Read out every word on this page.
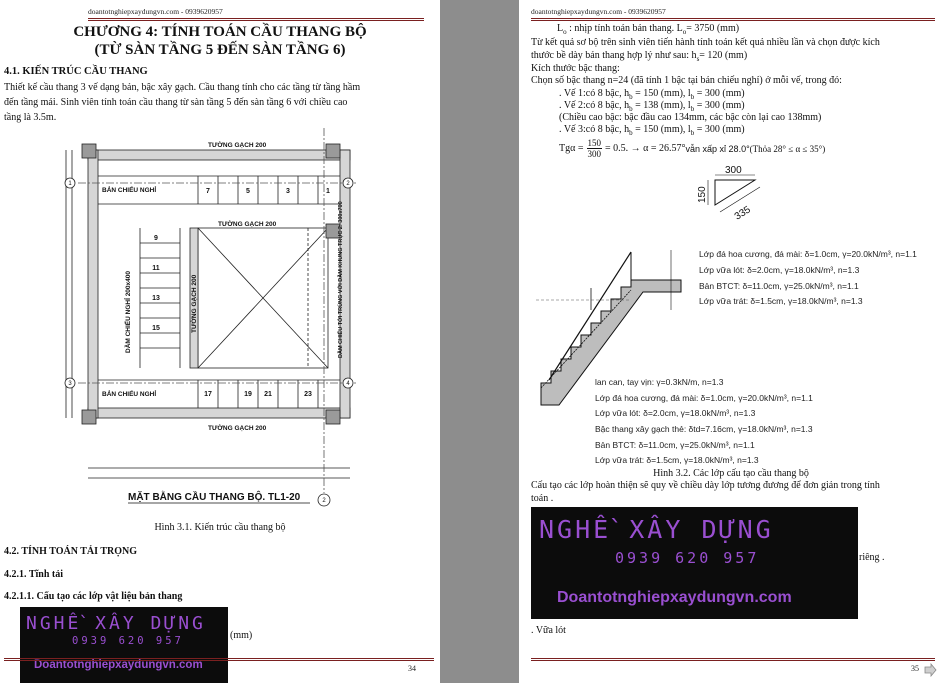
doantotnghiepxaydungvn.com - 0939620957
CHƯƠNG 4: TÍNH TOÁN CẦU THANG BỘ
(TỪ SÀN TẦNG 5 ĐẾN SÀN TẦNG 6)
4.1. KIẾN TRÚC CẦU THANG
Thiết kế cầu thang 3 vế dạng bản, bậc xây gạch. Cầu thang tính cho các tầng từ tầng hầm
đến tầng mái. Sinh viên tính toán cầu thang từ sàn tầng 5 đến sàn tầng 6 với chiều cao
tầng là 3.5m.
1	2
3	4
2
TƯỜNG GẠCH 200
TƯỜNG GẠCH 200
TƯỜNG GẠCH 200
BẢN CHIẾU NGHỈ
BẢN CHIẾU NGHỈ
TƯỜNG GẠCH 200
DẦM CHIẾU NGHỈ 200x400	DẦM CHIẾU TỚI TRÙNG VỚI DẦM KHUNG TRỤC 2: 300x700
7	5	3	1
9
11
13
15
17	19 21	23
MẶT BẰNG CẦU THANG BỘ. TL1-20
Hình 3.1. Kiến trúc cầu thang bộ
4.2. TÍNH TOÁN TẢI TRỌNG
4.2.1. Tĩnh tải
4.2.1.1. Cấu tạo các lớp vật liệu bản thang
(mm)
NGHỀ XÂY DỰNG
0939 620 957
Doantotnghiepxaydungvn.com	34
doantotnghiepxaydungvn.com - 0939620957
$L_o$ : nhịp tính toán bản thang. $L_o= 3750$ (mm)
Từ kết quả sơ bộ trên sinh viên tiến hành tính toán kết quả nhiều lần và chọn được kích
thước bề dày bản thang hợp lý như sau: $h_s= 120$ (mm)
Kích thước bậc thang:
Chọn số bậc thang n=24 (đã tính 1 bậc tại bản chiếu nghỉ) ở mỗi vế, trong đó:
. Vế 1:có 8 bậc, $h_b = 150$ (mm), $l_b = 300$ (mm)
. Vế 2:có 8 bậc, $h_b = 138$ (mm), $l_b = 300$ (mm)
(Chiều cao bậc: bậc đầu cao 134mm, các bậc còn lại cao 138mm)
. Vế 3:có 8 bậc, $h_b = 150$ (mm), $l_b = 300$ (mm)
$Tg\alpha = \frac{150}{300} = 0.5$. → α = 26.57° vẫn xấp xỉ 28.0° (Thỏa 28° ≤ α ≤ 35°)
300
150
335
Lớp đá hoa cương, đá mài: δ=1.0cm, γ=20.0kN/m³, n=1.1
Lớp vữa lót: δ=2.0cm, γ=18.0kN/m³, n=1.3
Bản BTCT: δ=11.0cm, γ=25.0kN/m³, n=1.1
Lớp vữa trát: δ=1.5cm, γ=18.0kN/m³, n=1.3
lan can, tay vịn: γ=0.3kN/m, n=1.3
Lớp đá hoa cương, đá mài: δ=1.0cm, γ=20.0kN/m³, n=1.1
Lớp vữa lót: δ=2.0cm, γ=18.0kN/m³, n=1.3
Bậc thang xây gạch thẻ: δtd=7.16cm, γ=18.0kN/m³, n=1.3
Bản BTCT: δ=11.0cm, γ=25.0kN/m³, n=1.1
Lớp vữa trát: δ=1.5cm, γ=18.0kN/m³, n=1.3
Hình 3.2. Các lớp cấu tạo cầu thang bộ
Cấu tạo các lớp hoàn thiện sẽ quy về chiều dày lớp tương đương để đơn giản trong tính
toán .
NGHỀ XÂY DỰNG
0939 620 957
Doantotnghiepxaydungvn.com
riêng .
. Vữa lót
35
